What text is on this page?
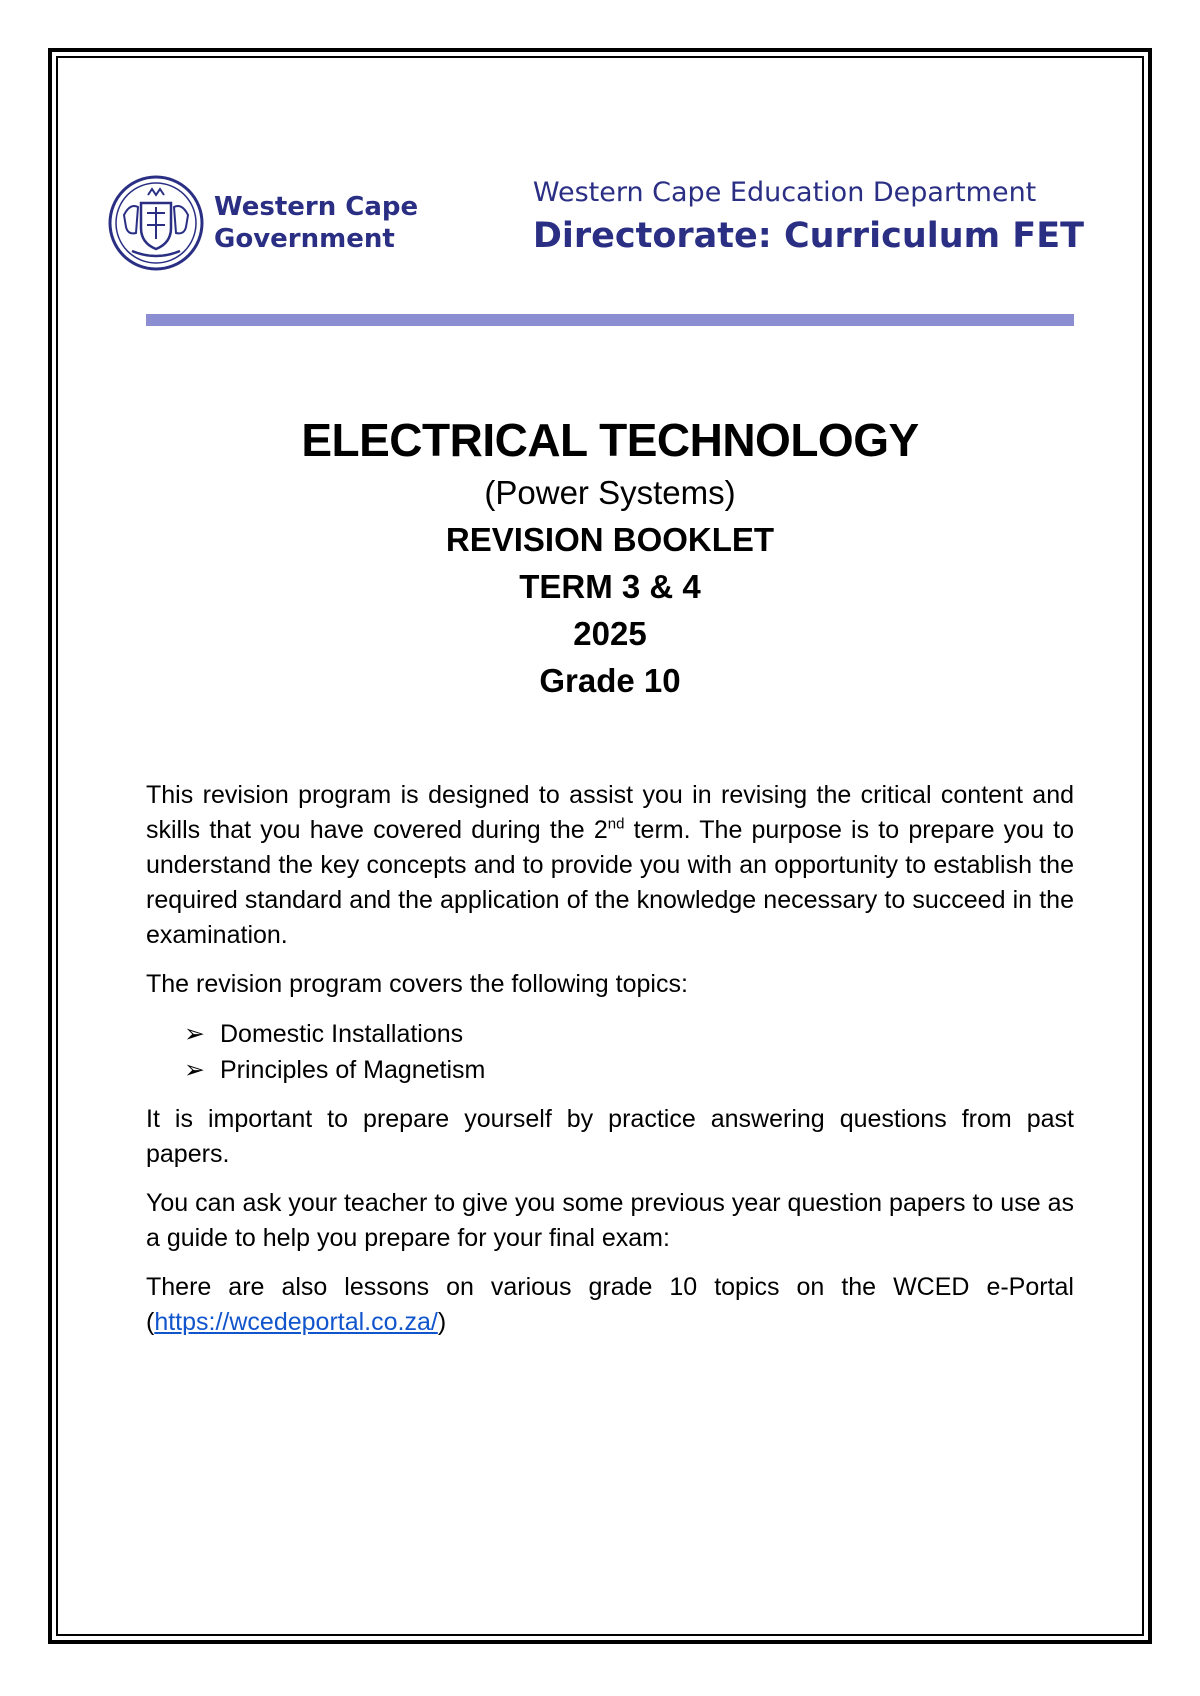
Western Cape
Government
Western Cape Education Department
Directorate: Curriculum FET
ELECTRICAL TECHNOLOGY
(Power Systems)
REVISION BOOKLET
TERM 3 & 4
2025
Grade 10

This revision program is designed to assist you in revising the critical content and skills that you have covered during the 2nd term. The purpose is to prepare you to understand the key concepts and to provide you with an opportunity to establish the required standard and the application of the knowledge necessary to succeed in the examination.

The revision program covers the following topics:

➢ Domestic Installations
➢ Principles of Magnetism

It is important to prepare yourself by practice answering questions from past papers.

You can ask your teacher to give you some previous year question papers to use as a guide to help you prepare for your final exam:

There are also lessons on various grade 10 topics on the WCED e-Portal (https://wcedeportal.co.za/)
